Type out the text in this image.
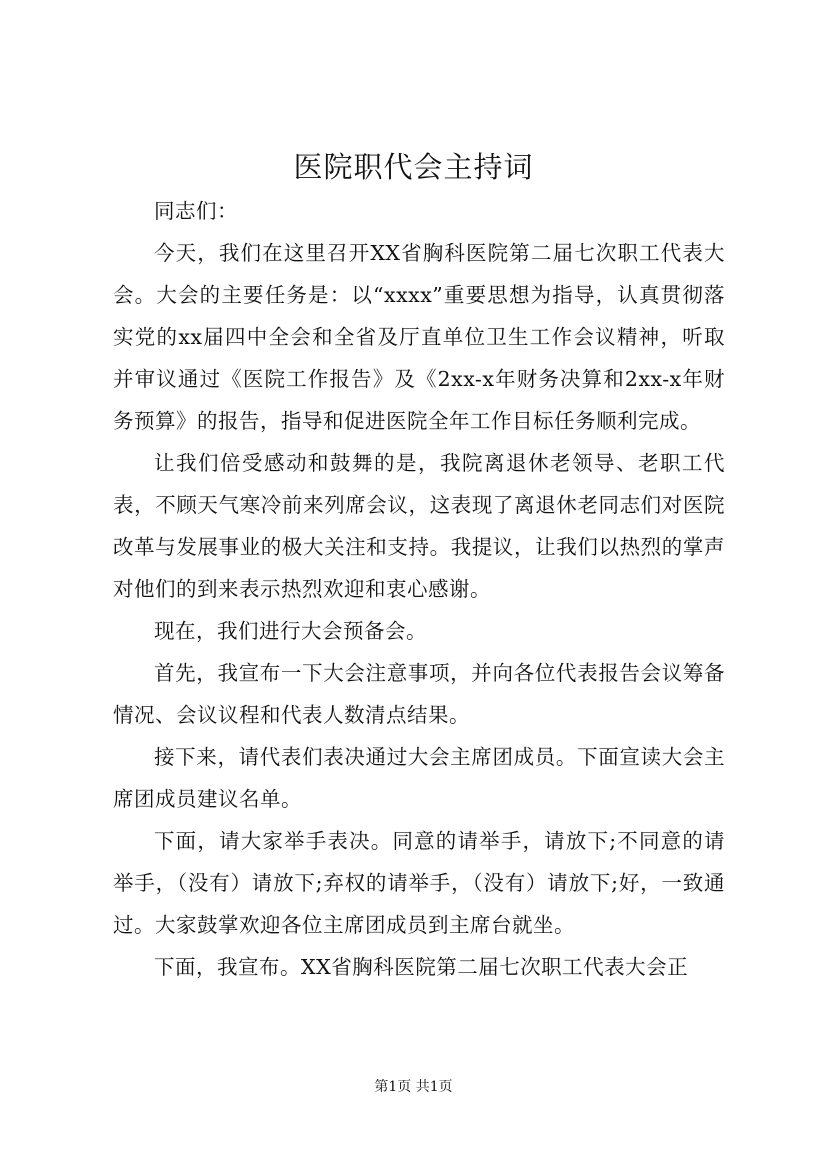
医院职代会主持词

同志们：

今天，我们在这里召开XX省胸科医院第二届七次职工代表大会。大会的主要任务是：以“xxxx”重要思想为指导，认真贯彻落实党的xx届四中全会和全省及厅直单位卫生工作会议精神，听取并审议通过《医院工作报告》及《2xx-x年财务决算和2xx-x年财务预算》的报告，指导和促进医院全年工作目标任务顺利完成。

让我们倍受感动和鼓舞的是，我院离退休老领导、老职工代表，不顾天气寒冷前来列席会议，这表现了离退休老同志们对医院改革与发展事业的极大关注和支持。我提议，让我们以热烈的掌声对他们的到来表示热烈欢迎和衷心感谢。

现在，我们进行大会预备会。

首先，我宣布一下大会注意事项，并向各位代表报告会议筹备情况、会议议程和代表人数清点结果。

接下来，请代表们表决通过大会主席团成员。下面宣读大会主席团成员建议名单。

下面，请大家举手表决。同意的请举手，请放下;不同意的请举手，（没有）请放下;弃权的请举手，（没有）请放下;好，一致通过。大家鼓掌欢迎各位主席团成员到主席台就坐。

下面，我宣布。XX省胸科医院第二届七次职工代表大会正

第1页 共1页
